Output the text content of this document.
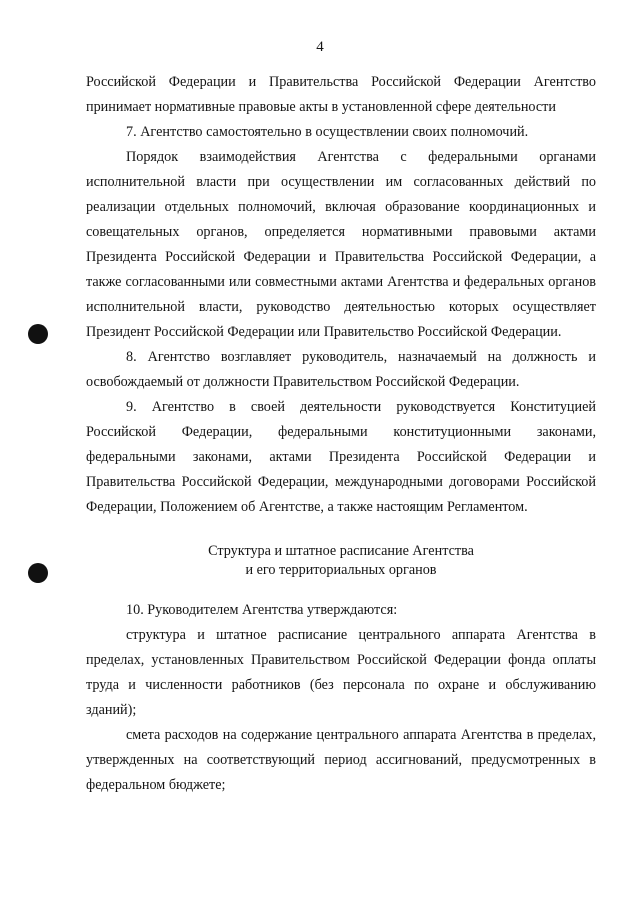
4

Российской Федерации и Правительства Российской Федерации Агентство принимает нормативные правовые акты в установленной сфере деятельности

7. Агентство самостоятельно в осуществлении своих полномочий.

Порядок взаимодействия Агентства с федеральными органами исполнительной власти при осуществлении им согласованных действий по реализации отдельных полномочий, включая образование координационных и совещательных органов, определяется нормативными правовыми актами Президента Российской Федерации и Правительства Российской Федерации, а также согласованными или совместными актами Агентства и федеральных органов исполнительной власти, руководство деятельностью которых осуществляет Президент Российской Федерации или Правительство Российской Федерации.

8. Агентство возглавляет руководитель, назначаемый на должность и освобождаемый от должности Правительством Российской Федерации.

9. Агентство в своей деятельности руководствуется Конституцией Российской Федерации, федеральными конституционными законами, федеральными законами, актами Президента Российской Федерации и Правительства Российской Федерации, международными договорами Российской Федерации, Положением об Агентстве, а также настоящим Регламентом.

Структура и штатное расписание Агентства
и его территориальных органов

10. Руководителем Агентства утверждаются:

структура и штатное расписание центрального аппарата Агентства в пределах, установленных Правительством Российской Федерации фонда оплаты труда и численности работников (без персонала по охране и обслуживанию зданий);

смета расходов на содержание центрального аппарата Агентства в пределах, утвержденных на соответствующий период ассигнований, предусмотренных в федеральном бюджете;
